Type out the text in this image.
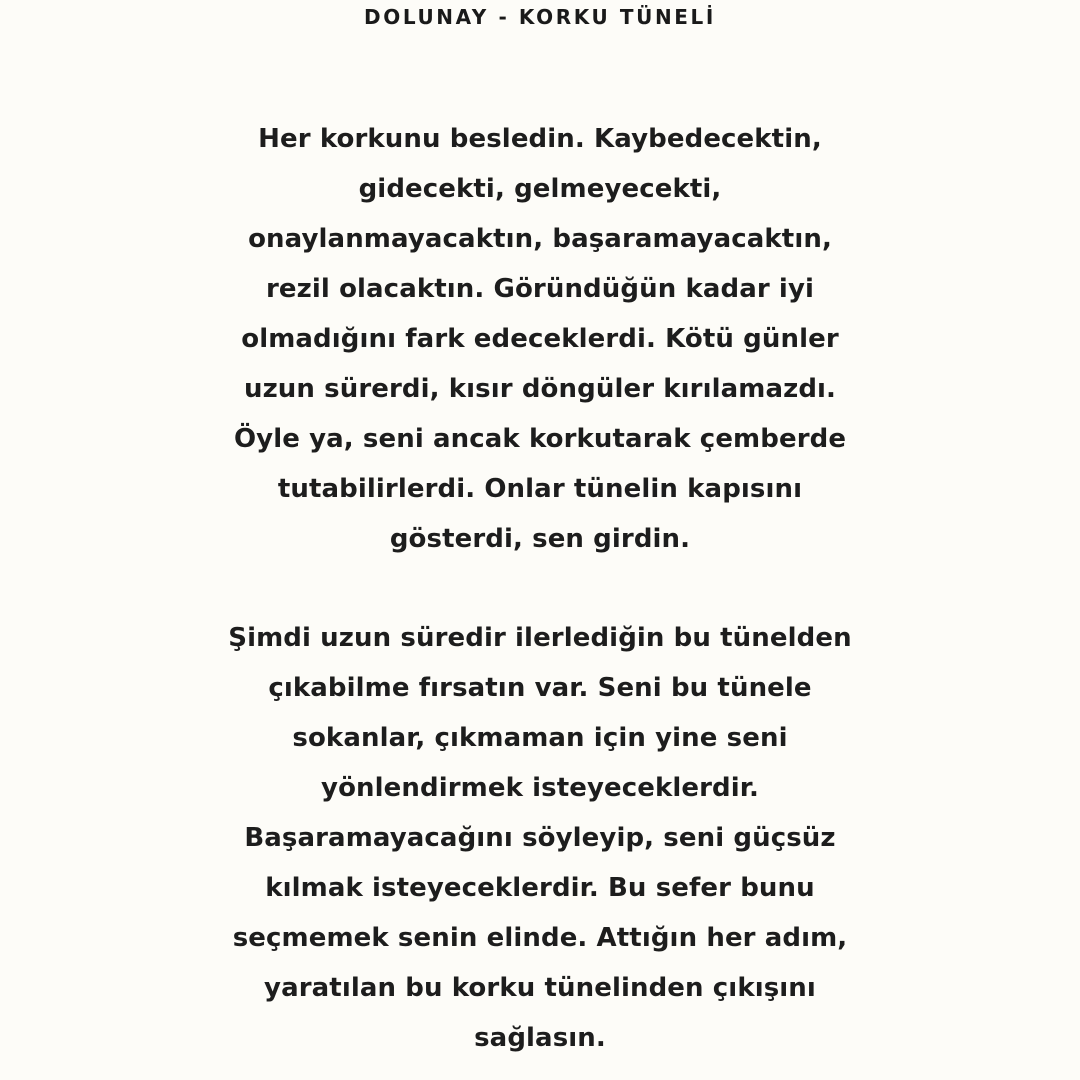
DOLUNAY - KORKU TÜNELİ
Her korkunu besledin. Kaybedecektin,
gidecekti, gelmeyecekti,
onaylanmayacaktın, başaramayacaktın,
rezil olacaktın. Göründüğün kadar iyi
olmadığını fark edeceklerdi. Kötü günler
uzun sürerdi, kısır döngüler kırılamazdı.
Öyle ya, seni ancak korkutarak çemberde
tutabilirlerdi. Onlar tünelin kapısını
gösterdi, sen girdin.
Şimdi uzun süredir ilerlediğin bu tünelden
çıkabilme fırsatın var. Seni bu tünele
sokanlar, çıkmaman için yine seni
yönlendirmek isteyeceklerdir.
Başaramayacağını söyleyip, seni güçsüz
kılmak isteyeceklerdir. Bu sefer bunu
seçmemek senin elinde. Attığın her adım,
yaratılan bu korku tünelinden çıkışını
sağlasın.
